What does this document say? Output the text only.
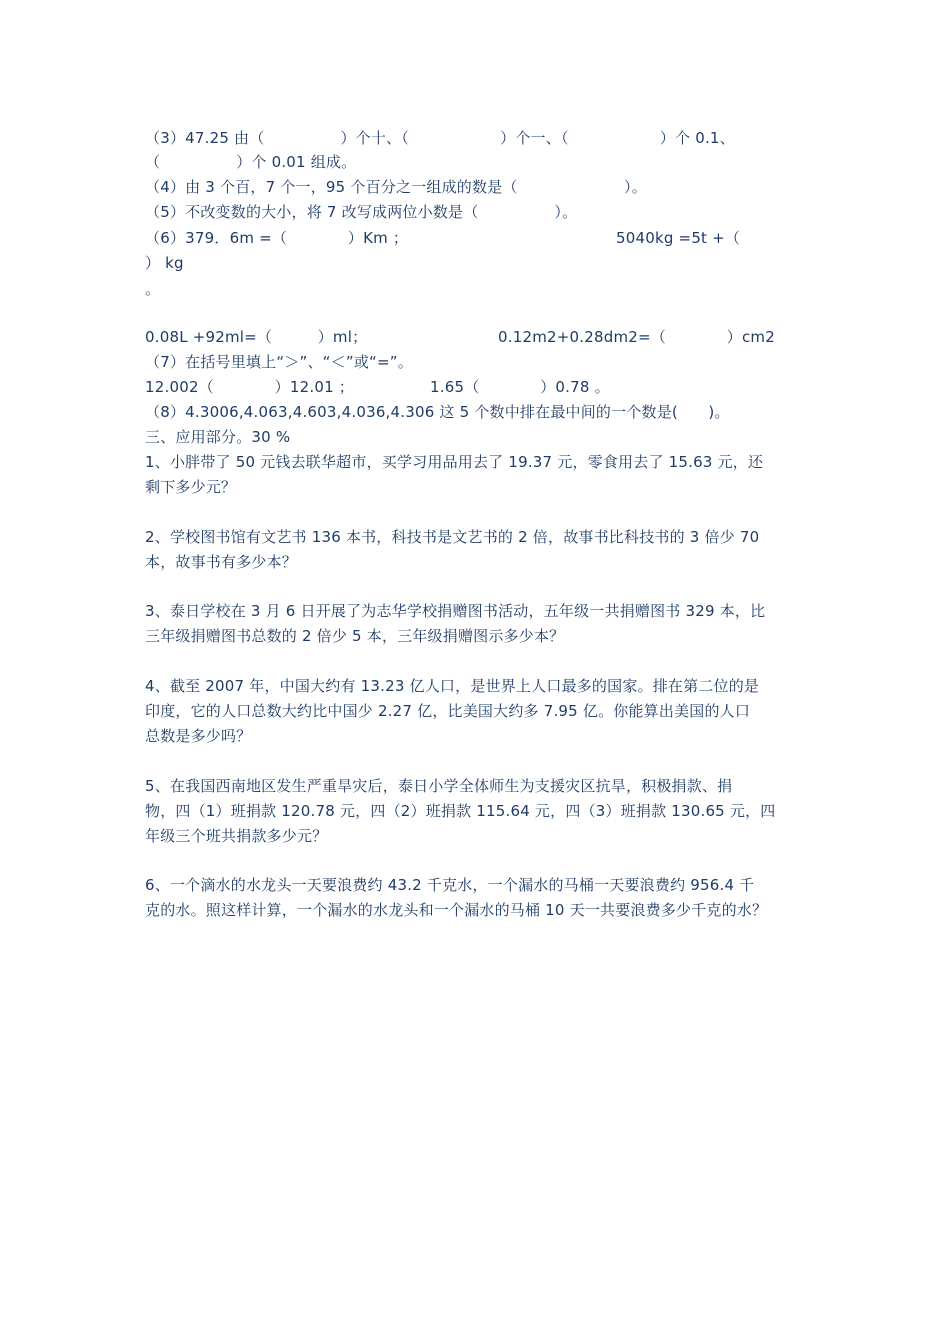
（3）47.25 由（　　　　　）个十、（　　　　　　）个一、（　　　　　　）个 0.1、
（　　　　　）个 0.01 组成。
（4）由 3 个百，7 个一，95 个百分之一组成的数是（　　　　　　　）。
（5）不改变数的大小，将 7 改写成两位小数是（　　　　　）。
（6）379．6m =（　　　　）Km ；	5040kg =5t +（
） kg
。
0.08L +92ml=（　　　）ml；	0.12m2+0.28dm2=（　　　　）cm2
（7）在括号里填上“＞”、“＜”或“=”。
12.002（　　　　）12.01 ；	1.65（　　　　）0.78 。
（8）4.3006,4.063,4.603,4.036,4.306 这 5 个数中排在最中间的一个数是(　　)。
三、应用部分。30 %
1、小胖带了 50 元钱去联华超市，买学习用品用去了 19.37 元，零食用去了 15.63 元，还
剩下多少元？
2、学校图书馆有文艺书 136 本书，科技书是文艺书的 2 倍，故事书比科技书的 3 倍少 70
本，故事书有多少本？
3、泰日学校在 3 月 6 日开展了为志华学校捐赠图书活动，五年级一共捐赠图书 329 本，比
三年级捐赠图书总数的 2 倍少 5 本，三年级捐赠图示多少本？
4、截至 2007 年，中国大约有 13.23 亿人口，是世界上人口最多的国家。排在第二位的是
印度，它的人口总数大约比中国少 2.27 亿，比美国大约多 7.95 亿。你能算出美国的人口
总数是多少吗？
5、在我国西南地区发生严重旱灾后，泰日小学全体师生为支援灾区抗旱，积极捐款、捐
物，四（1）班捐款 120.78 元，四（2）班捐款 115.64 元，四（3）班捐款 130.65 元，四
年级三个班共捐款多少元？
6、一个滴水的水龙头一天要浪费约 43.2 千克水，一个漏水的马桶一天要浪费约 956.4 千
克的水。照这样计算，一个漏水的水龙头和一个漏水的马桶 10 天一共要浪费多少千克的水？
